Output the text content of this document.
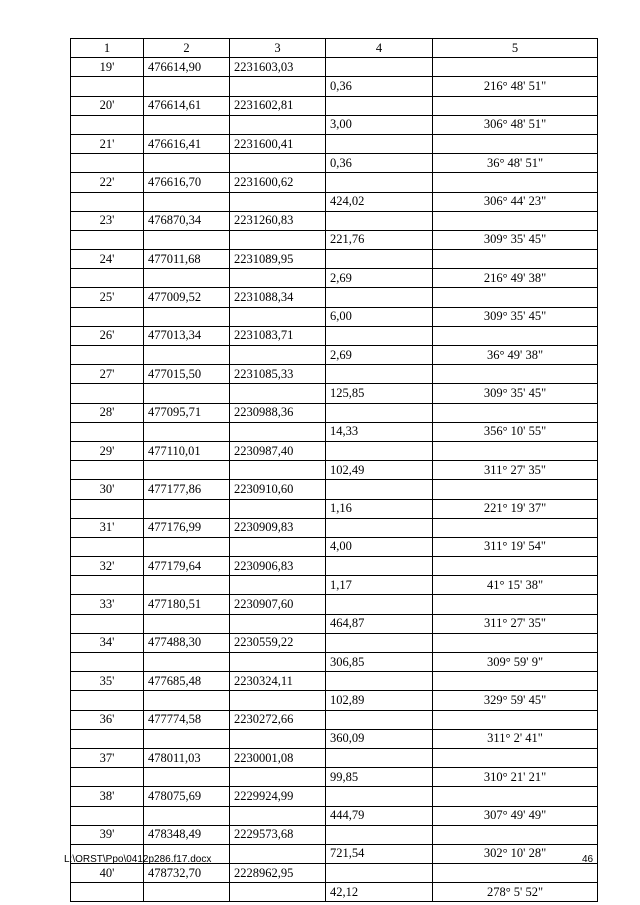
1	2	3	4	5
19'	476614,90	2231603,03		
			0,36	216° 48' 51"
20'	476614,61	2231602,81		
			3,00	306° 48' 51"
21'	476616,41	2231600,41		
			0,36	36° 48' 51"
22'	476616,70	2231600,62		
			424,02	306° 44' 23"
23'	476870,34	2231260,83		
			221,76	309° 35' 45"
24'	477011,68	2231089,95		
			2,69	216° 49' 38"
25'	477009,52	2231088,34		
			6,00	309° 35' 45"
26'	477013,34	2231083,71		
			2,69	36° 49' 38"
27'	477015,50	2231085,33		
			125,85	309° 35' 45"
28'	477095,71	2230988,36		
			14,33	356° 10' 55"
29'	477110,01	2230987,40		
			102,49	311° 27' 35"
30'	477177,86	2230910,60		
			1,16	221° 19' 37"
31'	477176,99	2230909,83		
			4,00	311° 19' 54"
32'	477179,64	2230906,83		
			1,17	41° 15' 38"
33'	477180,51	2230907,60		
			464,87	311° 27' 35"
34'	477488,30	2230559,22		
			306,85	309° 59' 9"
35'	477685,48	2230324,11		
			102,89	329° 59' 45"
36'	477774,58	2230272,66		
			360,09	311° 2' 41"
37'	478011,03	2230001,08		
			99,85	310° 21' 21"
38'	478075,69	2229924,99		
			444,79	307° 49' 49"
39'	478348,49	2229573,68		
			721,54	302° 10' 28"
40'	478732,70	2228962,95		
			42,12	278° 5' 52"
L:\ORST\Ppo\0412p286.f17.docx	46
